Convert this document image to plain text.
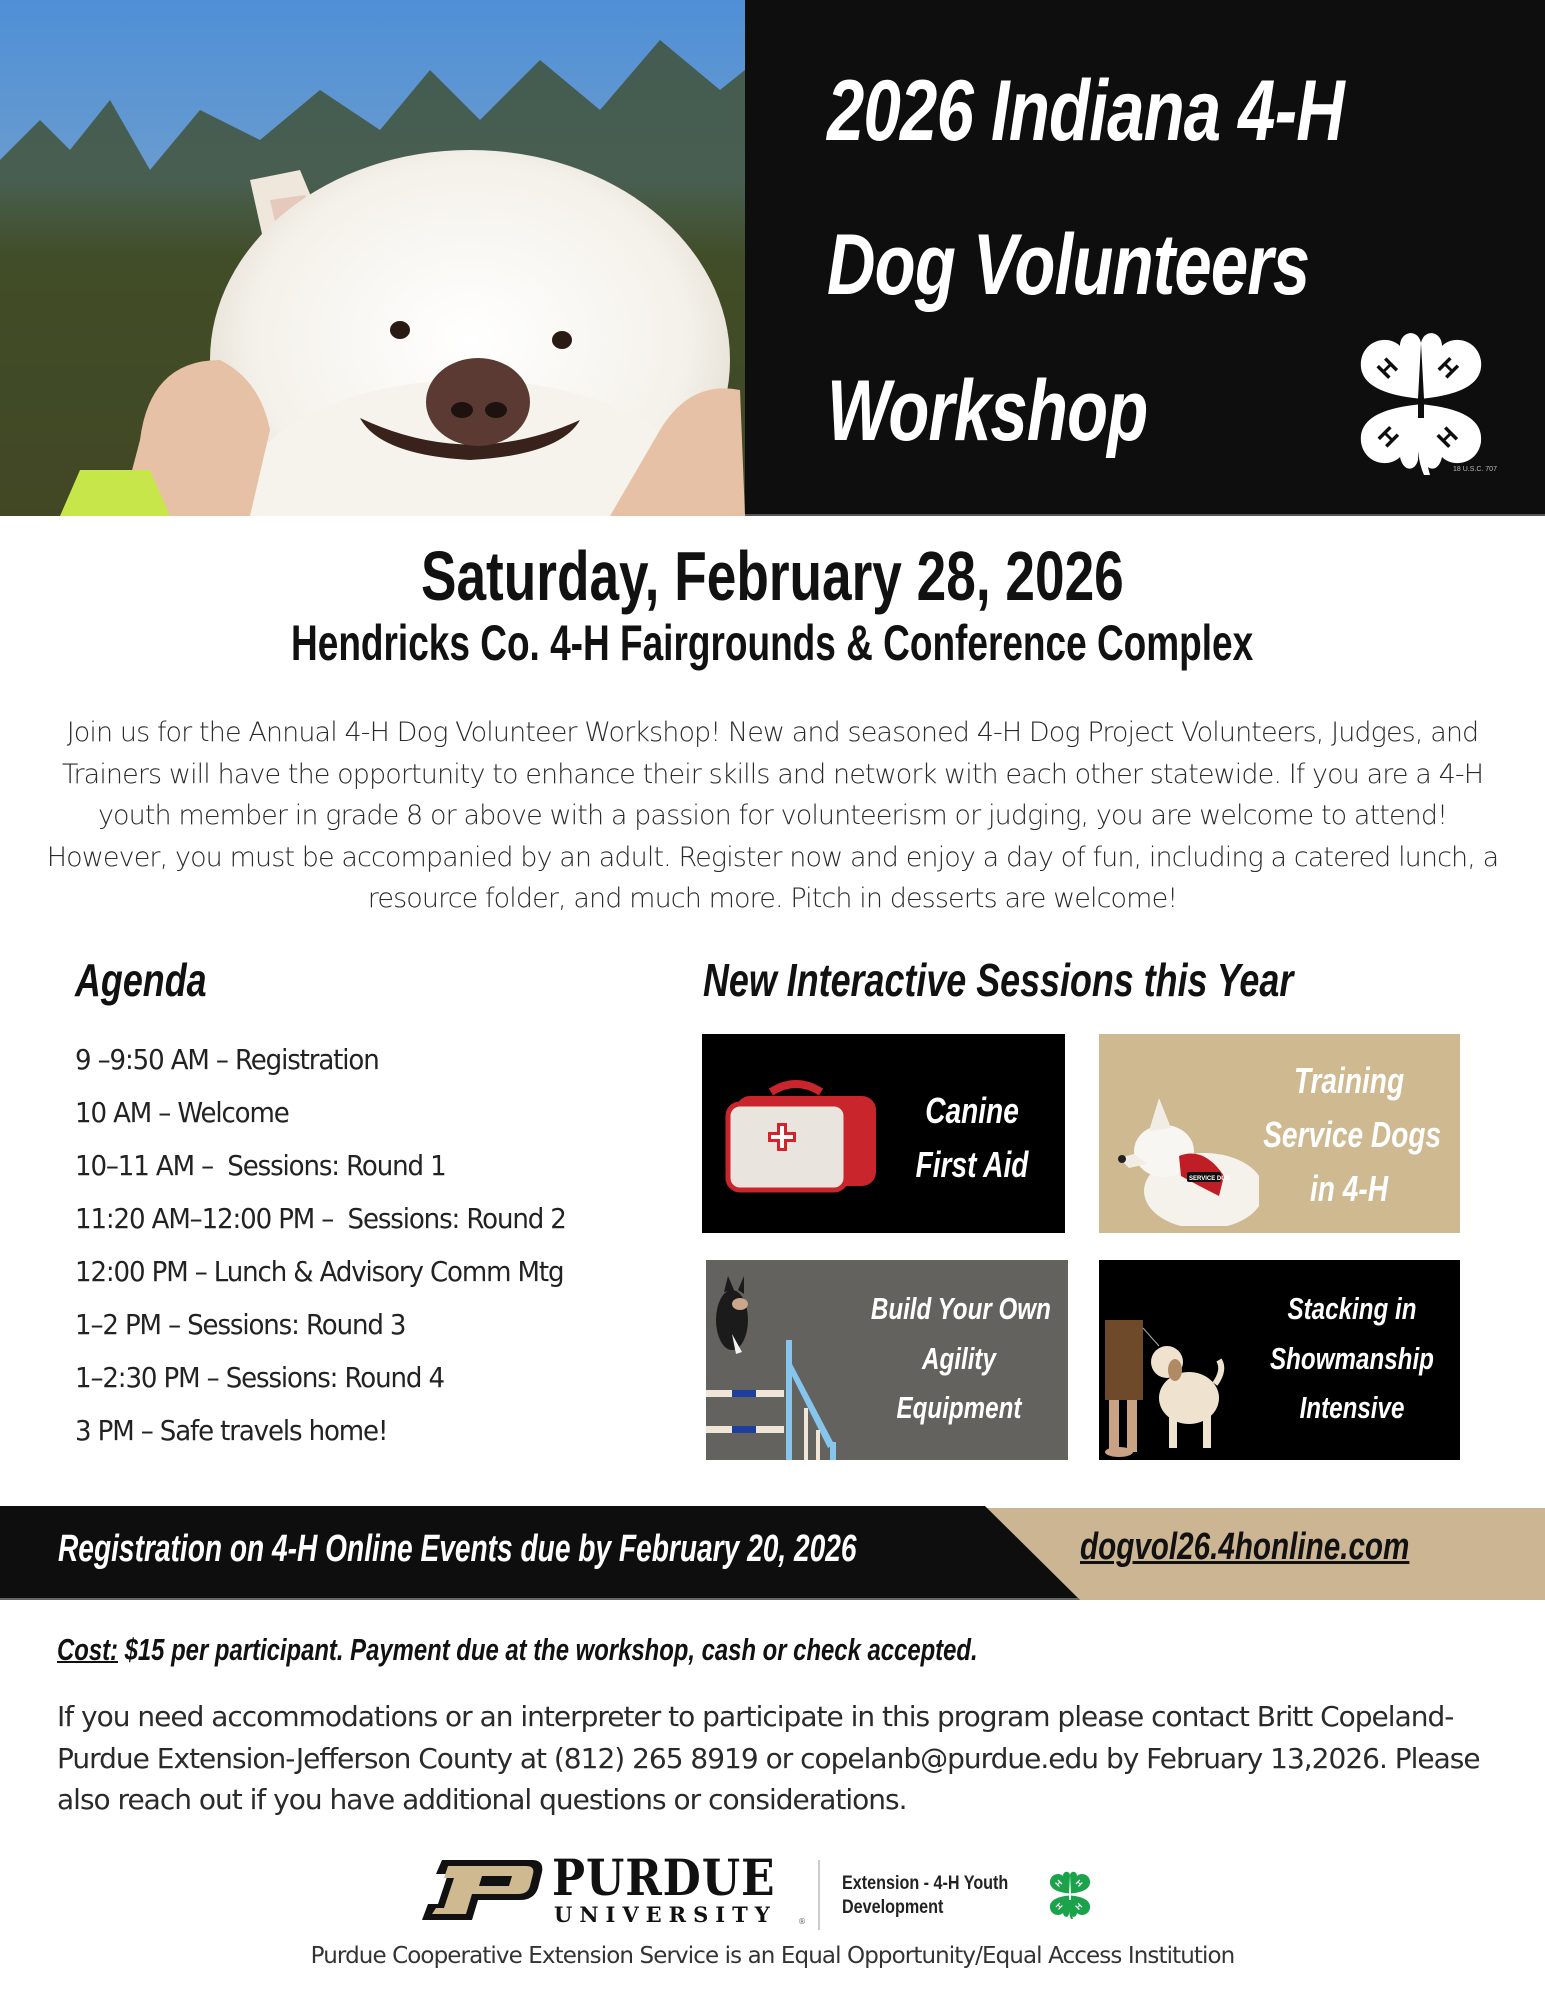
2026 Indiana 4-H
Dog Volunteers
Workshop	H H
H H
18 U.S.C. 707
Saturday, February 28, 2026
Hendricks Co. 4-H Fairgrounds & Conference Complex

Join us for the Annual 4-H Dog Volunteer Workshop! New and seasoned 4-H Dog Project Volunteers, Judges, and Trainers will have the opportunity to enhance their skills and network with each other statewide. If you are a 4-H youth member in grade 8 or above with a passion for volunteerism or judging, you are welcome to attend! However, you must be accompanied by an adult. Register now and enjoy a day of fun, including a catered lunch, a resource folder, and much more. Pitch in desserts are welcome!

Agenda
9 –9:50 AM – Registration
10 AM – Welcome
10–11 AM –  Sessions: Round 1
11:20 AM–12:00 PM –  Sessions: Round 2
12:00 PM – Lunch & Advisory Comm Mtg
1–2 PM – Sessions: Round 3
1–2:30 PM – Sessions: Round 4
3 PM – Safe travels home!
New Interactive Sessions this Year
Canine
First Aid	SERVICE DOG
Training
Service Dogs
in 4-H
Build Your Own
Agility
Equipment
Stacking in
Showmanship
Intensive
Registration on 4-H Online Events due by February 20, 2026	dogvol26.4honline.com
Cost: $15 per participant. Payment due at the workshop, cash or check accepted.

If you need accommodations or an interpreter to participate in this program please contact Britt Copeland- Purdue Extension-Jefferson County at (812) 265 8919 or copelanb@purdue.edu by February 13,2026. Please also reach out if you have additional questions or considerations.

PURDUE
UNIVERSITY	®
Extension - 4-H Youth
Development
H H
H H
Purdue Cooperative Extension Service is an Equal Opportunity/Equal Access Institution
